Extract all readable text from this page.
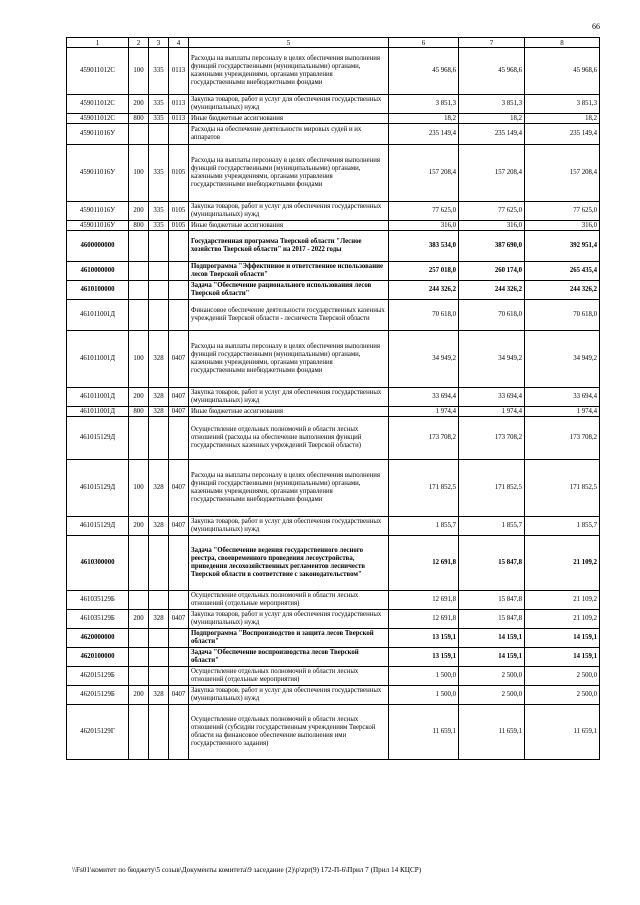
66
1	2	3	4	5	6	7	8
459011012С	100	335	0113	Расходы на выплаты персоналу в целях обеспечения выполнения функций государственными (муниципальными) органами, казенными учреждениями, органами управления государственными внебюджетными фондами	45 968,6	45 968,6	45 968,6
459011012С	200	335	0113	Закупка товаров, работ и услуг для обеспечения государственных (муниципальных) нужд	3 851,3	3 851,3	3 851,3
459011012С	800	335	0113	Иные бюджетные ассигнования	18,2	18,2	18,2
459011016У				Расходы на обеспечение деятельности мировых судей и их аппаратов	235 149,4	235 149,4	235 149,4
459011016У	100	335	0105	Расходы на выплаты персоналу в целях обеспечения выполнения функций государственными (муниципальными) органами, казенными учреждениями, органами управления государственными внебюджетными фондами	157 208,4	157 208,4	157 208,4
459011016У	200	335	0105	Закупка товаров, работ и услуг для обеспечения государственных (муниципальных) нужд	77 625,0	77 625,0	77 625,0
459011016У	800	335	0105	Иные бюджетные ассигнования	316,0	316,0	316,0
4600000000				Государственная программа Тверской области "Лесное хозяйство Тверской области" на 2017 - 2022 годы	383 534,0	387 690,0	392 951,4
4610000000				Подпрограмма "Эффективное и ответственное использование лесов Тверской области"	257 018,0	260 174,0	265 435,4
4610100000				Задача "Обеспечение рационального использования лесов Тверской области"	244 326,2	244 326,2	244 326,2
461011001Д				Финансовое обеспечение деятельности государственных казенных учреждений Тверской области - лесничеств Тверской области	70 618,0	70 618,0	70 618,0
461011001Д	100	328	0407	Расходы на выплаты персоналу в целях обеспечения выполнения функций государственными (муниципальными) органами, казенными учреждениями, органами управления государственными внебюджетными фондами	34 949,2	34 949,2	34 949,2
461011001Д	200	328	0407	Закупка товаров, работ и услуг для обеспечения государственных (муниципальных) нужд	33 694,4	33 694,4	33 694,4
461011001Д	800	328	0407	Иные бюджетные ассигнования	1 974,4	1 974,4	1 974,4
461015129Д				Осуществление отдельных полномочий в области лесных отношений (расходы на обеспечение выполнения функций государственных казенных учреждений Тверской области)	173 708,2	173 708,2	173 708,2
461015129Д	100	328	0407	Расходы на выплаты персоналу в целях обеспечения выполнения функций государственными (муниципальными) органами, казенными учреждениями, органами управления государственными внебюджетными фондами	171 852,5	171 852,5	171 852,5
461015129Д	200	328	0407	Закупка товаров, работ и услуг для обеспечения государственных (муниципальных) нужд	1 855,7	1 855,7	1 855,7
4610300000				Задача "Обеспечение ведения государственного лесного реестра, своевременного проведения лесоустройства, приведения лесохозяйственных регламентов лесничеств Тверской области в соответствие с законодательством"	12 691,8	15 847,8	21 109,2
461035129Б				Осуществление отдельных полномочий в области лесных отношений (отдельные мероприятия)	12 691,8	15 847,8	21 109,2
461035129Б	200	328	0407	Закупка товаров, работ и услуг для обеспечения государственных (муниципальных) нужд	12 691,8	15 847,8	21 109,2
4620000000				Подпрограмма "Воспроизводство и защита лесов Тверской области"	13 159,1	14 159,1	14 159,1
4620100000				Задача "Обеспечение воспроизводства лесов Тверской области"	13 159,1	14 159,1	14 159,1
462015129Б				Осуществление отдельных полномочий в области лесных отношений (отдельные мероприятия)	1 500,0	2 500,0	2 500,0
462015129Б	200	328	0407	Закупка товаров, работ и услуг для обеспечения государственных (муниципальных) нужд	1 500,0	2 500,0	2 500,0
462015129Г				Осуществление отдельных полномочий в области лесных отношений (субсидии государственным учреждениям Тверской области на финансовое обеспечение выполнения ими государственного задания)	11 659,1	11 659,1	11 659,1
\\Fs01\комитет по бюджету\5 созыв\Документы комитета\9 заседание (2)\p\zpr(9) 172-П-6\Прил 7 (Прил 14 КЦСР)
